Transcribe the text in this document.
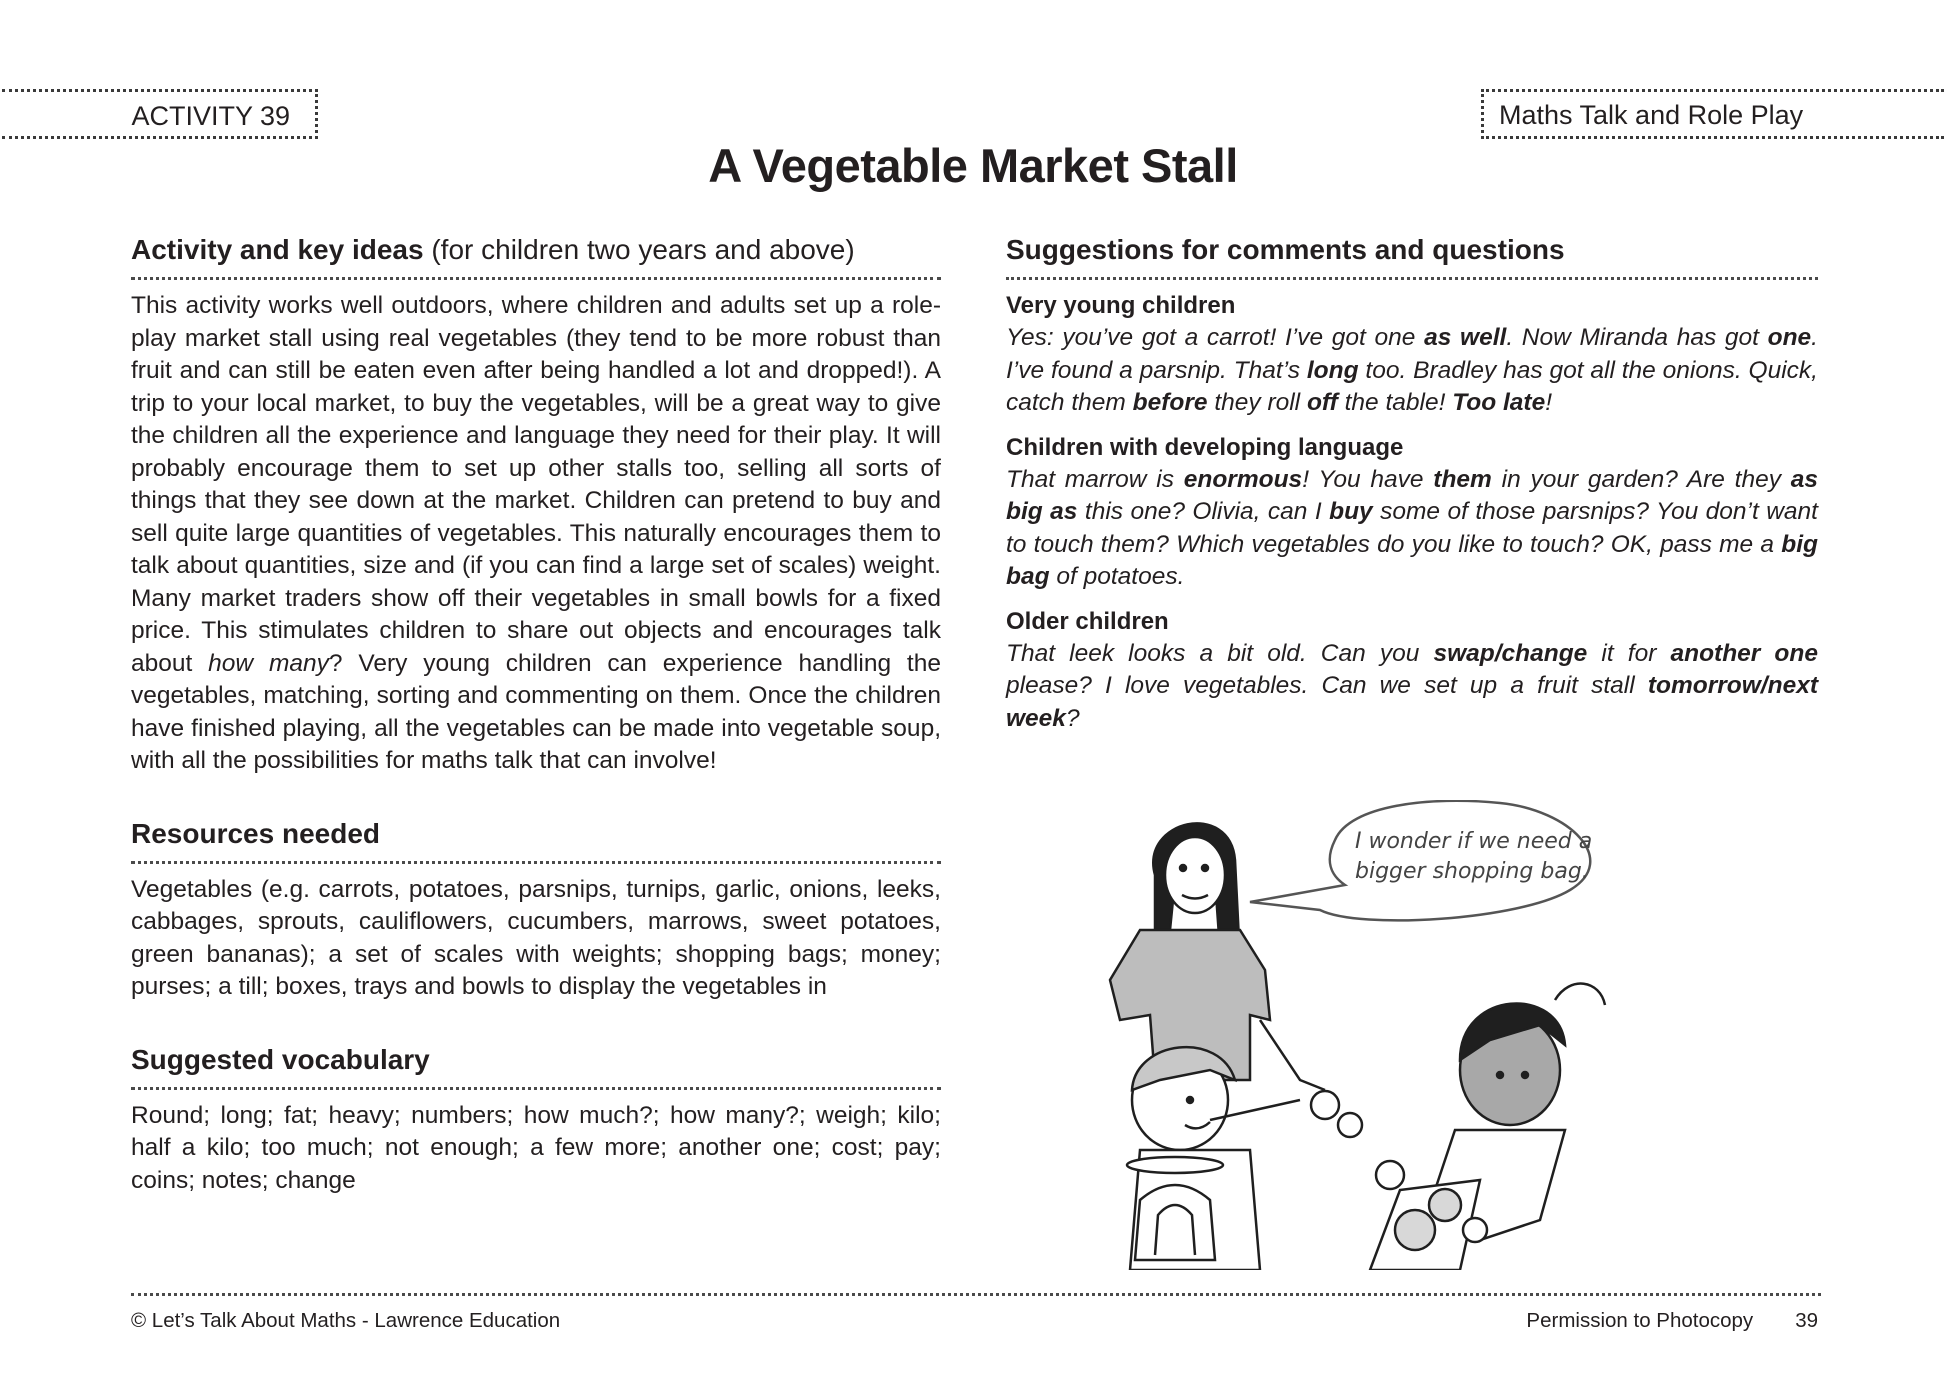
ACTIVITY 39	Maths Talk and Role Play
A Vegetable Market Stall
Activity and key ideas (for children two years and above)

This activity works well outdoors, where children and adults set up a role-play market stall using real vegetables (they tend to be more robust than fruit and can still be eaten even after being handled a lot and dropped!). A trip to your local market, to buy the vegetables, will be a great way to give the children all the experience and language they need for their play. It will probably encourage them to set up other stalls too, selling all sorts of things that they see down at the market. Children can pretend to buy and sell quite large quantities of vegetables. This naturally encourages them to talk about quantities, size and (if you can find a large set of scales) weight. Many market traders show off their vegetables in small bowls for a fixed price. This stimulates children to share out objects and encourages talk about how many? Very young children can experience handling the vegetables, matching, sorting and commenting on them. Once the children have finished playing, all the vegetables can be made into vegetable soup, with all the possibilities for maths talk that can involve!

Resources needed

Vegetables (e.g. carrots, potatoes, parsnips, turnips, garlic, onions, leeks, cabbages, sprouts, cauliflowers, cucumbers, marrows, sweet potatoes, green bananas); a set of scales with weights; shopping bags; money; purses; a till; boxes, trays and bowls to display the vegetables in

Suggested vocabulary

Round; long; fat; heavy; numbers; how much?; how many?; weigh; kilo; half a kilo; too much; not enough; a few more; another one; cost; pay; coins; notes; change

Suggestions for comments and questions
Very young children

Yes: you’ve got a carrot! I’ve got one as well. Now Miranda has got one. I’ve found a parsnip. That’s long too. Bradley has got all the onions. Quick, catch them before they roll off the table! Too late!

Children with developing language

That marrow is enormous! You have them in your garden? Are they as big as this one? Olivia, can I buy some of those parsnips? You don’t want to touch them? Which vegetables do you like to touch? OK, pass me a big bag of potatoes.

Older children

That leek looks a bit old. Can you swap/change it for another one please? I love vegetables. Can we set up a fruit stall tomorrow/next week?

I wonder if we need a
bigger shopping bag.
© Let’s Talk About Maths - Lawrence Education	Permission to Photocopy 39
